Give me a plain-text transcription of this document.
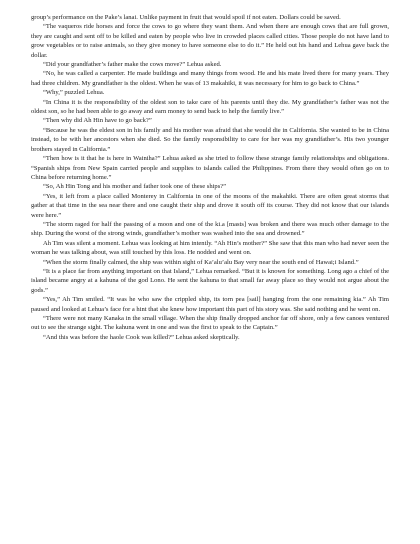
group’s performance on the Pake’s lanai. Unlike payment in fruit that would spoil if not eaten. Dollars could be saved.

“The vaqueros ride horses and force the cows to go where they want them. And when there are enough cows that are full grown, they are caught and sent off to be killed and eaten by people who live in crowded places called cities. Those people do not have land to grow vegetables or to raise animals, so they give money to have someone else to do it.” He held out his hand and Lehua gave back the dollar.

“Did your grandfather’s father make the cows move?” Lehua asked.

“No, he was called a carpenter. He made buildings and many things from wood. He and his mate lived there for many years. They had three children. My grandfather is the oldest. When he was of 13 makahiki, it was necessary for him to go back to China.”

“Why,” puzzled Lehua.

“In China it is the responsibility of the oldest son to take care of his parents until they die. My grandfather’s father was not the oldest son, so he had been able to go away and earn money to send back to help the family live.”

“Then why did Ah Hin have to go back?”

“Because he was the eldest son in his family and his mother was afraid that she would die in California. She wanted to be in China instead, to be with her ancestors when she died. So the family responsibility to care for her was my grandfather’s. His two younger brothers stayed in California.”

“Then how is it that he is here in Wainiha?” Lehua asked as she tried to follow these strange family relationships and obligations. “Spanish ships from New Spain carried people and supplies to islands called the Philippines. From there they would often go on to China before returning home.”

“So, Ah Hin Tong and his mother and father took one of these ships?”

“Yes, it left from a place called Monterey in California in one of the moons of the makahiki. There are often great storms that gather at that time in the sea near there and one caught their ship and drove it south off its course. They did not know that our islands were here.”

“The storm raged for half the passing of a moon and one of the ki.a [masts] was broken and there was much other damage to the ship. During the worst of the strong winds, grandfather’s mother was washed into the sea and drowned.”

Ah Tim was silent a moment. Lehua was looking at him intently. “Ah Hin’s mother?” She saw that this man who had never seen the woman he was talking about, was still touched by this loss. He nodded and went on.

“When the storm finally calmed, the ship was within sight of Ka’alu’alu Bay very near the south end of Hawai;i Island.”

“It is a place far from anything important on that Island,” Lehua remarked. “But it is known for something. Long ago a chief of the island became angry at a kahuna of the god Lono. He sent the kahuna to that small far away place so they would not argue about the gods.”

“Yes,” Ah Tim smiled. “It was he who saw the crippled ship, its torn pea [sail] hanging from the one remaining kia.” Ah Tim paused and looked at Lehua’s face for a hint that she knew how important this part of his story was. She said nothing and he went on.

“There were not many Kanaka in the small village. When the ship finally dropped anchor far off shore, only a few canoes ventured out to see the strange sight. The kahuna went in one and was the first to speak to the Captain.”

“And this was before the haole Cook was killed?” Lehua asked skeptically.
